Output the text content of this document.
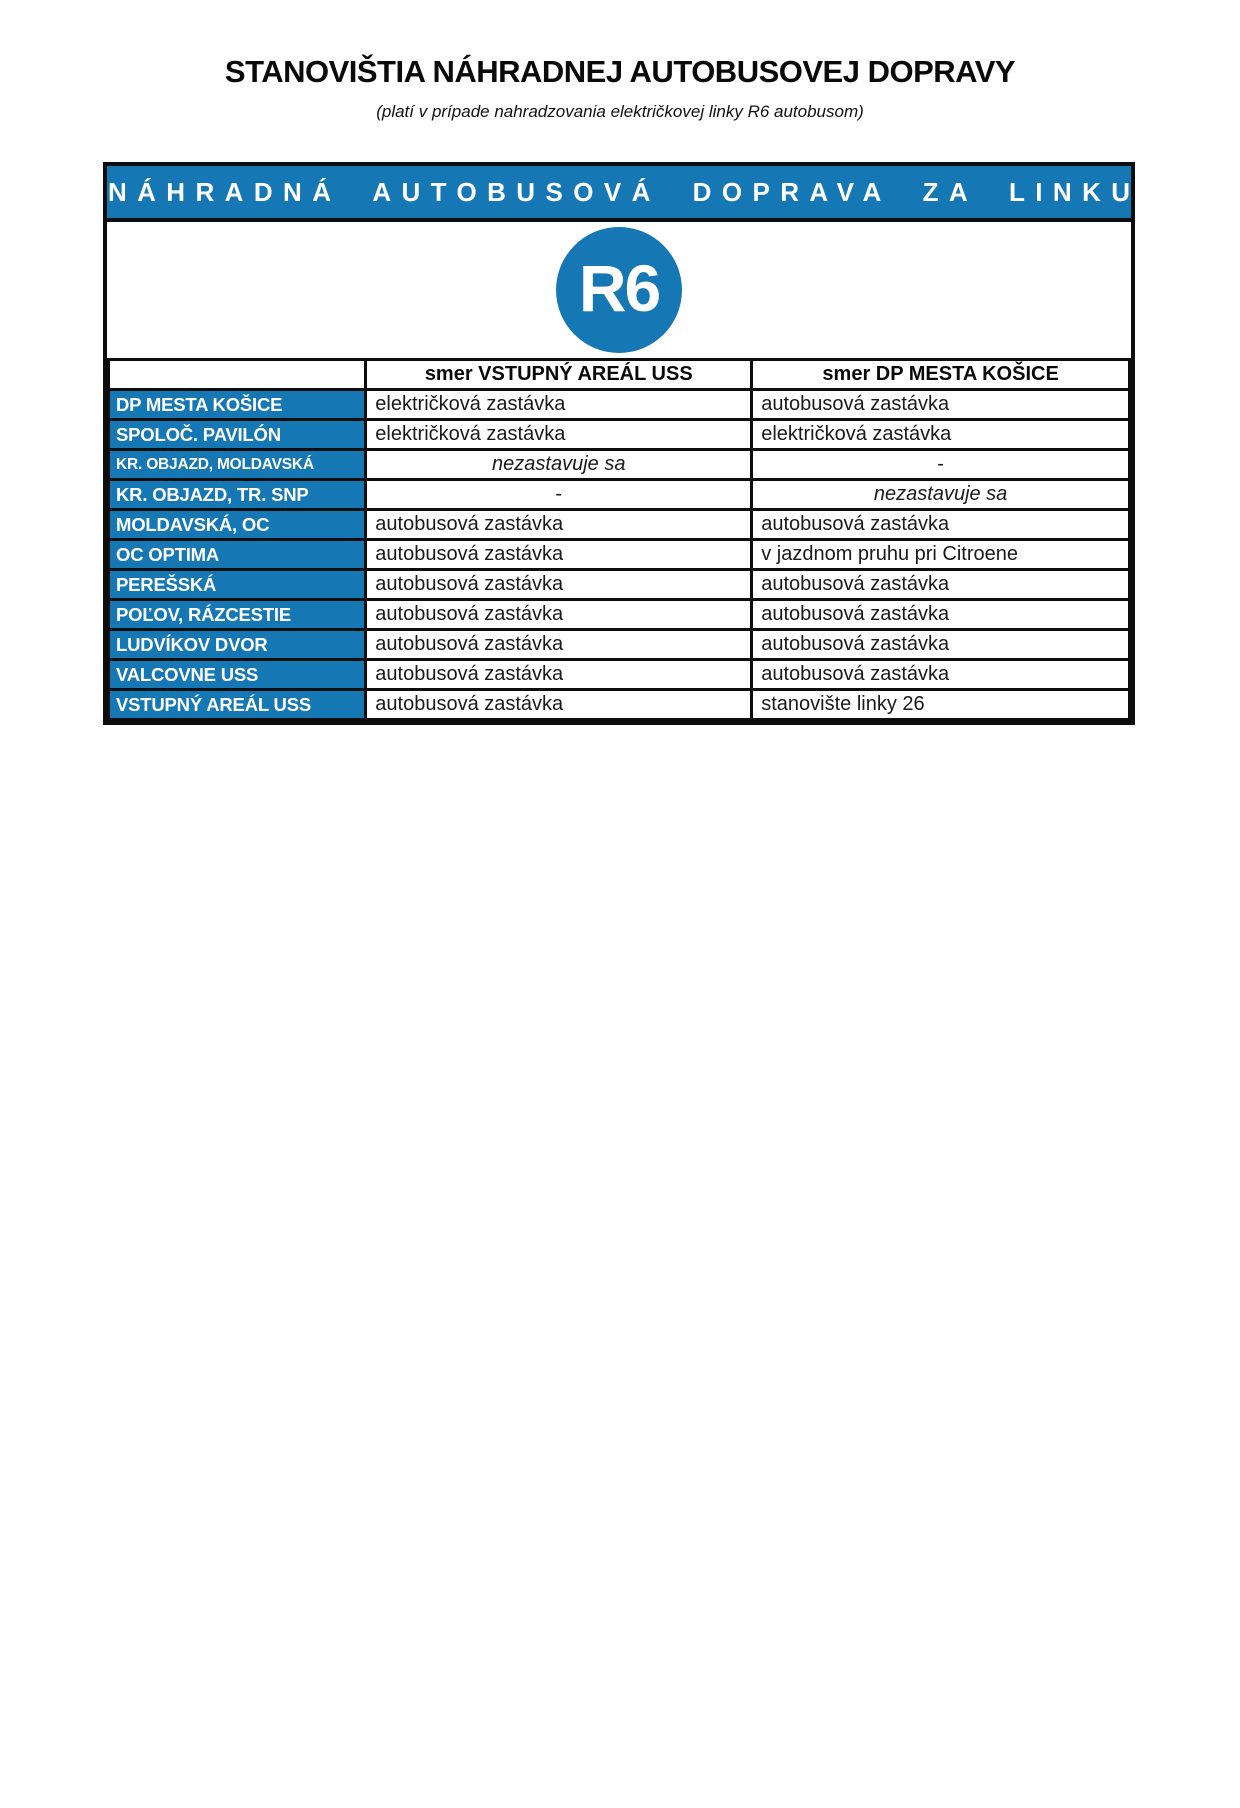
STANOVIŠTIA NÁHRADNEJ AUTOBUSOVEJ DOPRAVY

(platí v prípade nahradzovania električkovej linky R6 autobusom)

NÁHRADNÁ AUTOBUSOVÁ DOPRAVA ZA LINKU
R6
	smer VSTUPNÝ AREÁL USS	smer DP MESTA KOŠICE
DP MESTA KOŠICE	električková zastávka	autobusová zastávka
SPOLOČ. PAVILÓN	električková zastávka	električková zastávka
KR. OBJAZD, MOLDAVSKÁ	nezastavuje sa	-
KR. OBJAZD, TR. SNP	-	nezastavuje sa
MOLDAVSKÁ, OC	autobusová zastávka	autobusová zastávka
OC OPTIMA	autobusová zastávka	v jazdnom pruhu pri Citroene
PEREŠSKÁ	autobusová zastávka	autobusová zastávka
POĽOV, RÁZCESTIE	autobusová zastávka	autobusová zastávka
LUDVÍKOV DVOR	autobusová zastávka	autobusová zastávka
VALCOVNE USS	autobusová zastávka	autobusová zastávka
VSTUPNÝ AREÁL USS	autobusová zastávka	stanovište linky 26
